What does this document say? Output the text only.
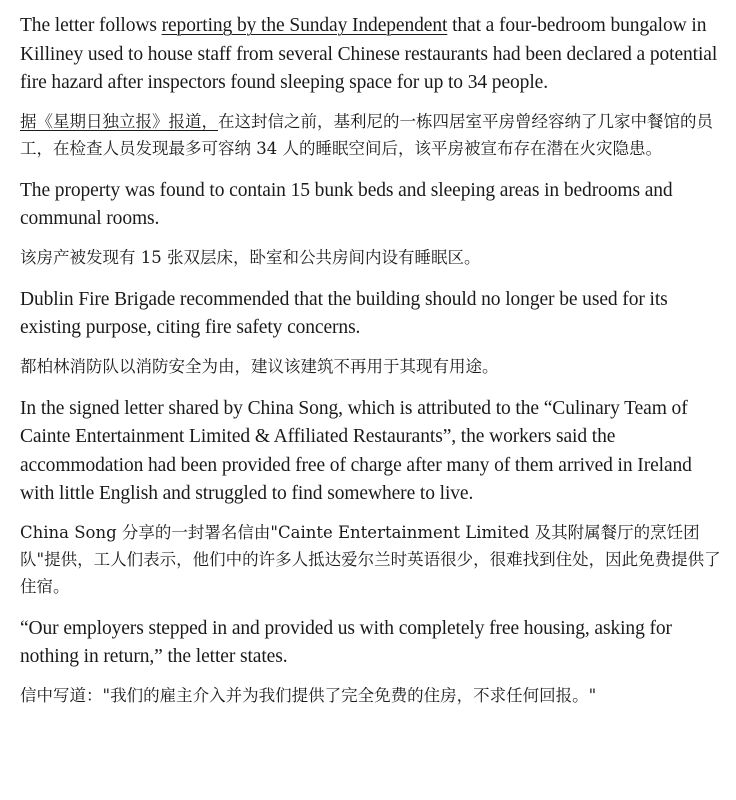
The letter follows reporting by the Sunday Independent that a four-bedroom bungalow in Killiney used to house staff from several Chinese restaurants had been declared a potential fire hazard after inspectors found sleeping space for up to 34 people.

据《星期日独立报》报道，在这封信之前，基利尼的一栋四居室平房曾经容纳了几家中餐馆的员工，在检查人员发现最多可容纳 34 人的睡眠空间后，该平房被宣布存在潜在火灾隐患。

The property was found to contain 15 bunk beds and sleeping areas in bedrooms and communal rooms.

该房产被发现有 15 张双层床，卧室和公共房间内设有睡眠区。

Dublin Fire Brigade recommended that the building should no longer be used for its existing purpose, citing fire safety concerns.

都柏林消防队以消防安全为由，建议该建筑不再用于其现有用途。

In the signed letter shared by China Song, which is attributed to the “Culinary Team of Cainte Entertainment Limited & Affiliated Restaurants”, the workers said the accommodation had been provided free of charge after many of them arrived in Ireland with little English and struggled to find somewhere to live.

China Song 分享的一封署名信由"Cainte Entertainment Limited 及其附属餐厅的烹饪团队"提供，工人们表示，他们中的许多人抵达爱尔兰时英语很少，很难找到住处，因此免费提供了住宿。

“Our employers stepped in and provided us with completely free housing, asking for nothing in return,” the letter states.

信中写道："我们的雇主介入并为我们提供了完全免费的住房，不求任何回报。"
